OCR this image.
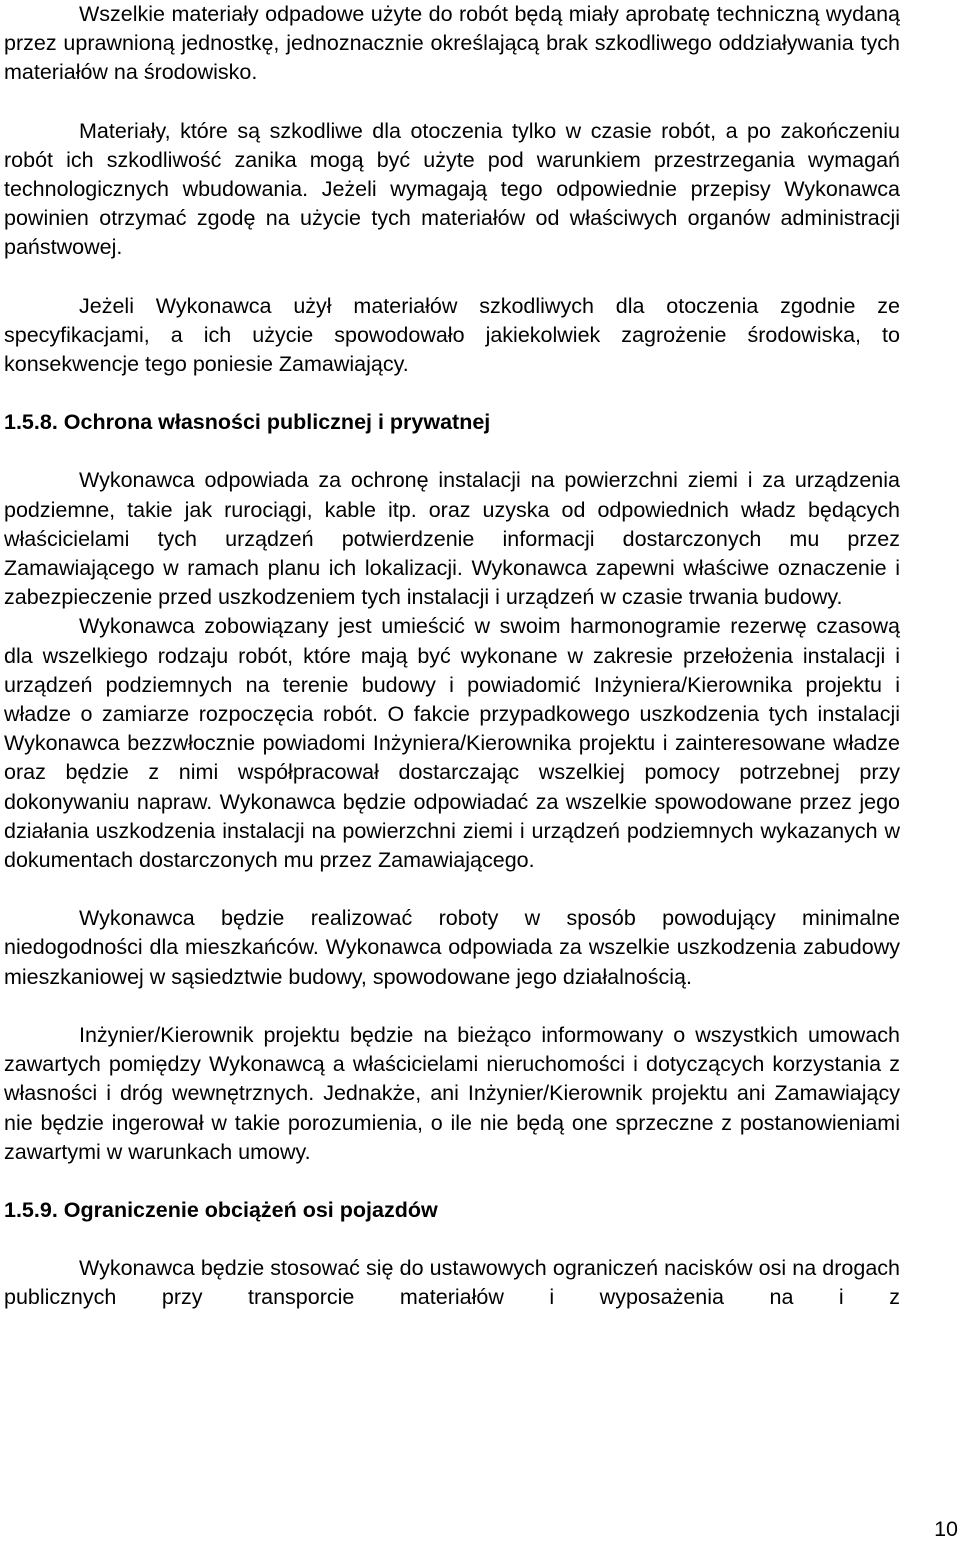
Wszelkie materiały odpadowe użyte do robót będą miały aprobatę techniczną wydaną przez uprawnioną jednostkę, jednoznacznie określającą brak szkodliwego oddziaływania tych materiałów na środowisko.

Materiały, które są szkodliwe dla otoczenia tylko w czasie robót, a po zakończeniu robót ich szkodliwość zanika mogą być użyte pod warunkiem przestrzegania wymagań technologicznych wbudowania. Jeżeli wymagają tego odpowiednie przepisy Wykonawca powinien otrzymać zgodę na użycie tych materiałów od właściwych organów administracji państwowej.

Jeżeli Wykonawca użył materiałów szkodliwych dla otoczenia zgodnie ze specyfikacjami, a ich użycie spowodowało jakiekolwiek zagrożenie środowiska, to konsekwencje tego poniesie Zamawiający.

1.5.8. Ochrona własności publicznej i prywatnej

Wykonawca odpowiada za ochronę instalacji na powierzchni ziemi i za urządzenia podziemne, takie jak rurociągi, kable itp. oraz uzyska od odpowiednich władz będących właścicielami tych urządzeń potwierdzenie informacji dostarczonych mu przez Zamawiającego w ramach planu ich lokalizacji. Wykonawca zapewni właściwe oznaczenie i zabezpieczenie przed uszkodzeniem tych instalacji i urządzeń w czasie trwania budowy.

Wykonawca zobowiązany jest umieścić w swoim harmonogramie rezerwę czasową dla wszelkiego rodzaju robót, które mają być wykonane w zakresie przełożenia instalacji i urządzeń podziemnych na terenie budowy i powiadomić Inżyniera/Kierownika projektu i władze o zamiarze rozpoczęcia robót. O fakcie przypadkowego uszkodzenia tych instalacji Wykonawca bezzwłocznie powiadomi Inżyniera/Kierownika projektu i zainteresowane władze oraz będzie z nimi współpracował dostarczając wszelkiej pomocy potrzebnej przy dokonywaniu napraw. Wykonawca będzie odpowiadać za wszelkie spowodowane przez jego działania uszkodzenia instalacji na powierzchni ziemi i urządzeń podziemnych wykazanych w dokumentach dostarczonych mu przez Zamawiającego.

Wykonawca będzie realizować roboty w sposób powodujący minimalne niedogodności dla mieszkańców. Wykonawca odpowiada za wszelkie uszkodzenia zabudowy mieszkaniowej w sąsiedztwie budowy, spowodowane jego działalnością.

Inżynier/Kierownik projektu będzie na bieżąco informowany o wszystkich umowach zawartych pomiędzy Wykonawcą a właścicielami nieruchomości i dotyczących korzystania z własności i dróg wewnętrznych. Jednakże, ani Inżynier/Kierownik projektu ani Zamawiający nie będzie ingerował w takie porozumienia, o ile nie będą one sprzeczne z postanowieniami zawartymi w warunkach umowy.

1.5.9. Ograniczenie obciążeń osi pojazdów

Wykonawca będzie stosować się do ustawowych ograniczeń nacisków osi na drogach publicznych przy transporcie materiałów i wyposażenia na i z

10
